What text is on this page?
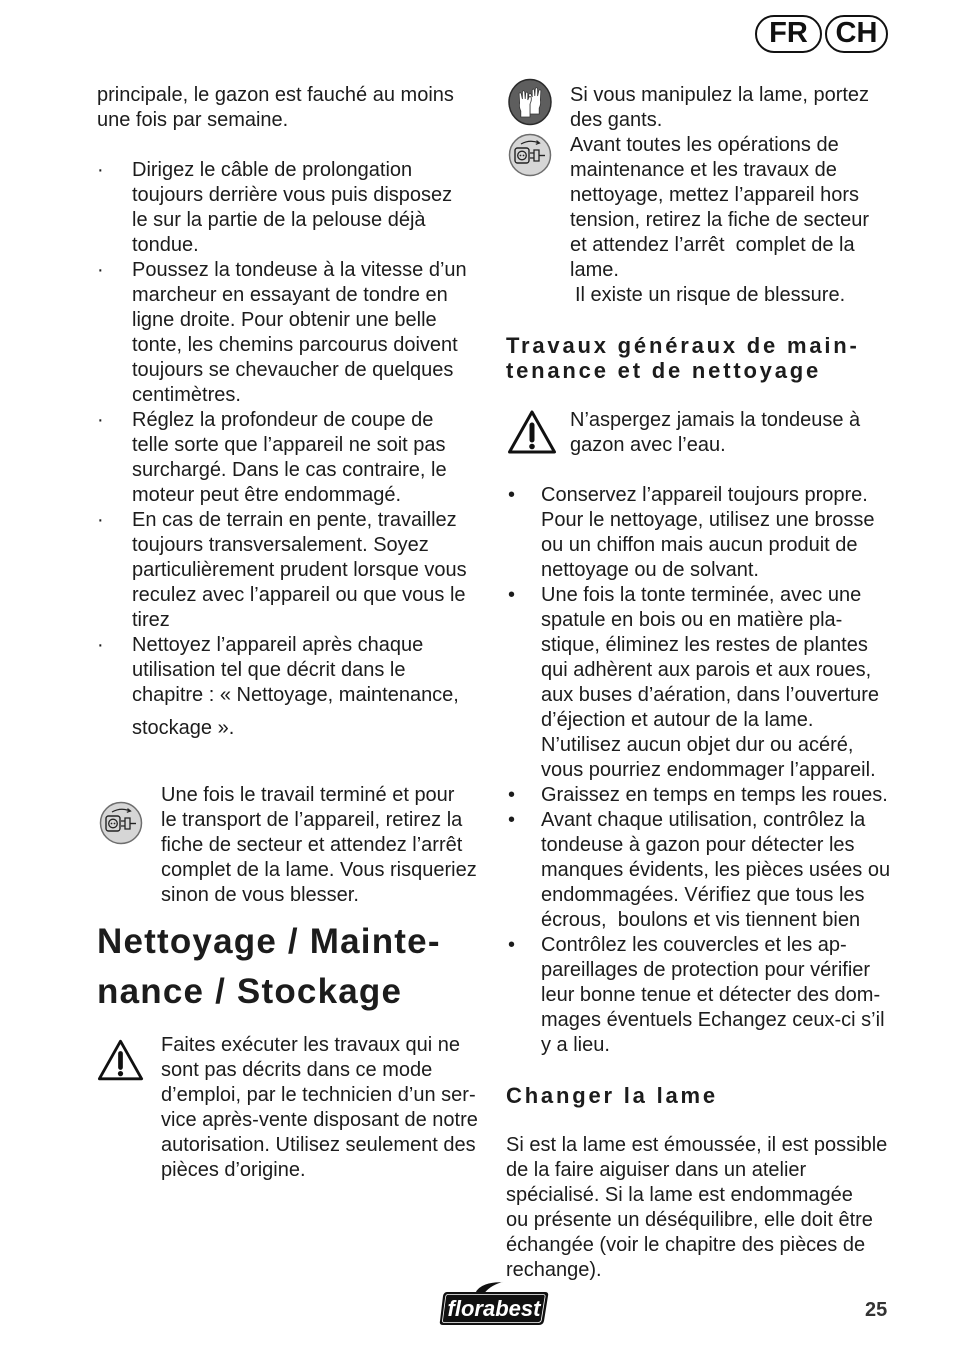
FR CH
principale, le gazon est fauché au moins
une fois par semaine.
·	Dirigez le câble de prolongation
toujours derrière vous puis disposez
le sur la partie de la pelouse déjà
tondue.
·	Poussez la tondeuse à la vitesse d’un
marcheur en essayant de tondre en
ligne droite. Pour obtenir une belle
tonte, les chemins parcourus doivent
toujours se chevaucher de quelques
centimètres.
·	Réglez la profondeur de coupe de
telle sorte que l’appareil ne soit pas
surchargé. Dans le cas contraire, le
moteur peut être endommagé.
·	En cas de terrain en pente, travaillez
toujours transversalement. Soyez
particulièrement prudent lorsque vous
reculez avec l’appareil ou que vous le
tirez
·	Nettoyez l’appareil après chaque
utilisation tel que décrit dans le
chapitre : « Nettoyage, maintenance,
stockage ».
Une fois le travail terminé et pour
le transport de l’appareil, retirez la
fiche de secteur et attendez l’arrêt
complet de la lame. Vous risqueriez
sinon de vous blesser.
Nettoyage / Mainte-
nance / Stockage
Faites exécuter les travaux qui ne
sont pas décrits dans ce mode
d’emploi, par le technicien d’un ser-
vice après-vente disposant de notre
autorisation. Utilisez seulement des
pièces d’origine.
Si vous manipulez la lame, portez
des gants.
Avant toutes les opérations de
maintenance et les travaux de
nettoyage, mettez l’appareil hors
tension, retirez la fiche de secteur
et attendez l’arrêt  complet de la
lame.
Il existe un risque de blessure.
Travaux généraux de main-
tenance et de nettoyage
N’aspergez jamais la tondeuse à
gazon avec l’eau.
•	Conservez l’appareil toujours propre.
Pour le nettoyage, utilisez une brosse
ou un chiffon mais aucun produit de
nettoyage ou de solvant.
•	Une fois la tonte terminée, avec une
spatule en bois ou en matière pla-
stique, éliminez les restes de plantes
qui adhèrent aux parois et aux roues,
aux buses d’aération, dans l’ouverture
d’éjection et autour de la lame.
N’utilisez aucun objet dur ou acéré,
vous pourriez endommager l’appareil.
•	Graissez en temps en temps les roues.
•	Avant chaque utilisation, contrôlez la
tondeuse à gazon pour détecter les
manques évidents, les pièces usées ou
endommagées. Vérifiez que tous les
écrous,  boulons et vis tiennent bien
•	Contrôlez les couvercles et les ap-
pareillages de protection pour vérifier
leur bonne tenue et détecter des dom-
mages éventuels Echangez ceux-ci s’il
y a lieu.
Changer la lame
Si est la lame est émoussée, il est possible
de la faire aiguiser dans un atelier
spécialisé. Si la lame est endommagée
ou présente un déséquilibre, elle doit être
échangée (voir le chapitre des pièces de
rechange).
florabest	25
